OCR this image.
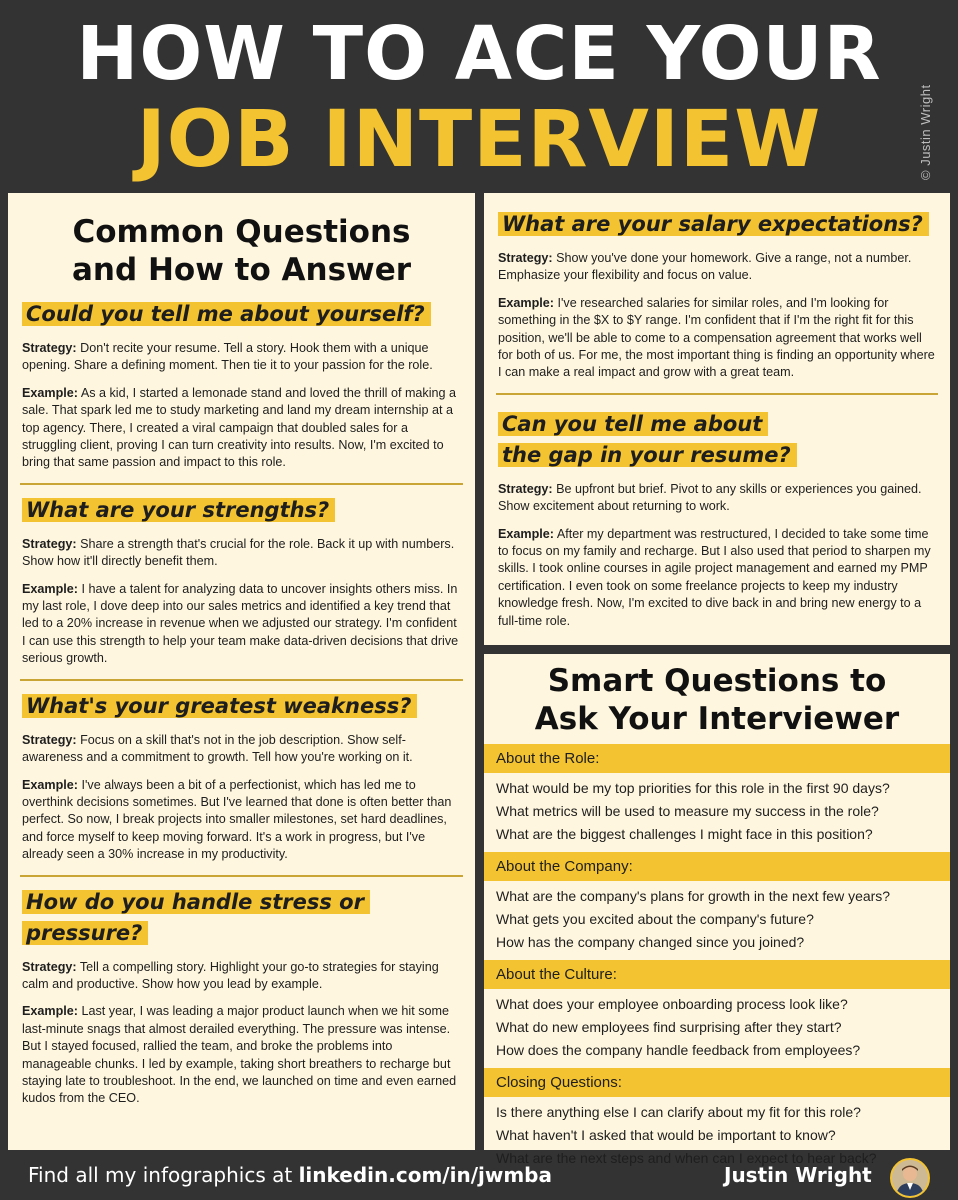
HOW TO ACE YOUR
JOB INTERVIEW	© Justin Wright
Common Questions
and How to Answer
Could you tell me about yourself?
Strategy: Don't recite your resume. Tell a story. Hook them with a unique opening. Share a defining moment. Then tie it to your passion for the role.
Example: As a kid, I started a lemonade stand and loved the thrill of making a sale. That spark led me to study marketing and land my dream internship at a top agency. There, I created a viral campaign that doubled sales for a struggling client, proving I can turn creativity into results. Now, I'm excited to bring that same passion and impact to this role.
What are your strengths?
Strategy: Share a strength that's crucial for the role. Back it up with numbers. Show how it'll directly benefit them.
Example: I have a talent for analyzing data to uncover insights others miss. In my last role, I dove deep into our sales metrics and identified a key trend that led to a 20% increase in revenue when we adjusted our strategy. I'm confident I can use this strength to help your team make data-driven decisions that drive serious growth.
What's your greatest weakness?
Strategy: Focus on a skill that's not in the job description. Show self-awareness and a commitment to growth. Tell how you're working on it.
Example: I've always been a bit of a perfectionist, which has led me to overthink decisions sometimes. But I've learned that done is often better than perfect. So now, I break projects into smaller milestones, set hard deadlines, and force myself to keep moving forward. It's a work in progress, but I've already seen a 30% increase in my productivity.
How do you handle stress or pressure?
Strategy: Tell a compelling story. Highlight your go-to strategies for staying calm and productive. Show how you lead by example.
Example: Last year, I was leading a major product launch when we hit some last-minute snags that almost derailed everything. The pressure was intense. But I stayed focused, rallied the team, and broke the problems into manageable chunks. I led by example, taking short breathers to recharge but staying late to troubleshoot. In the end, we launched on time and even earned kudos from the CEO.
What are your salary expectations?
Strategy: Show you've done your homework. Give a range, not a number. Emphasize your flexibility and focus on value.
Example: I've researched salaries for similar roles, and I'm looking for something in the $X to $Y range. I'm confident that if I'm the right fit for this position, we'll be able to come to a compensation agreement that works well for both of us. For me, the most important thing is finding an opportunity where I can make a real impact and grow with a great team.
Can you tell me about the gap in your resume?
Strategy: Be upfront but brief. Pivot to any skills or experiences you gained. Show excitement about returning to work.
Example: After my department was restructured, I decided to take some time to focus on my family and recharge. But I also used that period to sharpen my skills. I took online courses in agile project management and earned my PMP certification. I even took on some freelance projects to keep my industry knowledge fresh. Now, I'm excited to dive back in and bring new energy to a full-time role.
Smart Questions to
Ask Your Interviewer
About the Role:
What would be my top priorities for this role in the first 90 days?
What metrics will be used to measure my success in the role?
What are the biggest challenges I might face in this position?
About the Company:
What are the company's plans for growth in the next few years?
What gets you excited about the company's future?
How has the company changed since you joined?
About the Culture:
What does your employee onboarding process look like?
What do new employees find surprising after they start?
How does the company handle feedback from employees?
Closing Questions:
Is there anything else I can clarify about my fit for this role?
What haven't I asked that would be important to know?
What are the next steps and when can I expect to hear back?
Find all my infographics at linkedin.com/in/jwmba	Justin Wright
